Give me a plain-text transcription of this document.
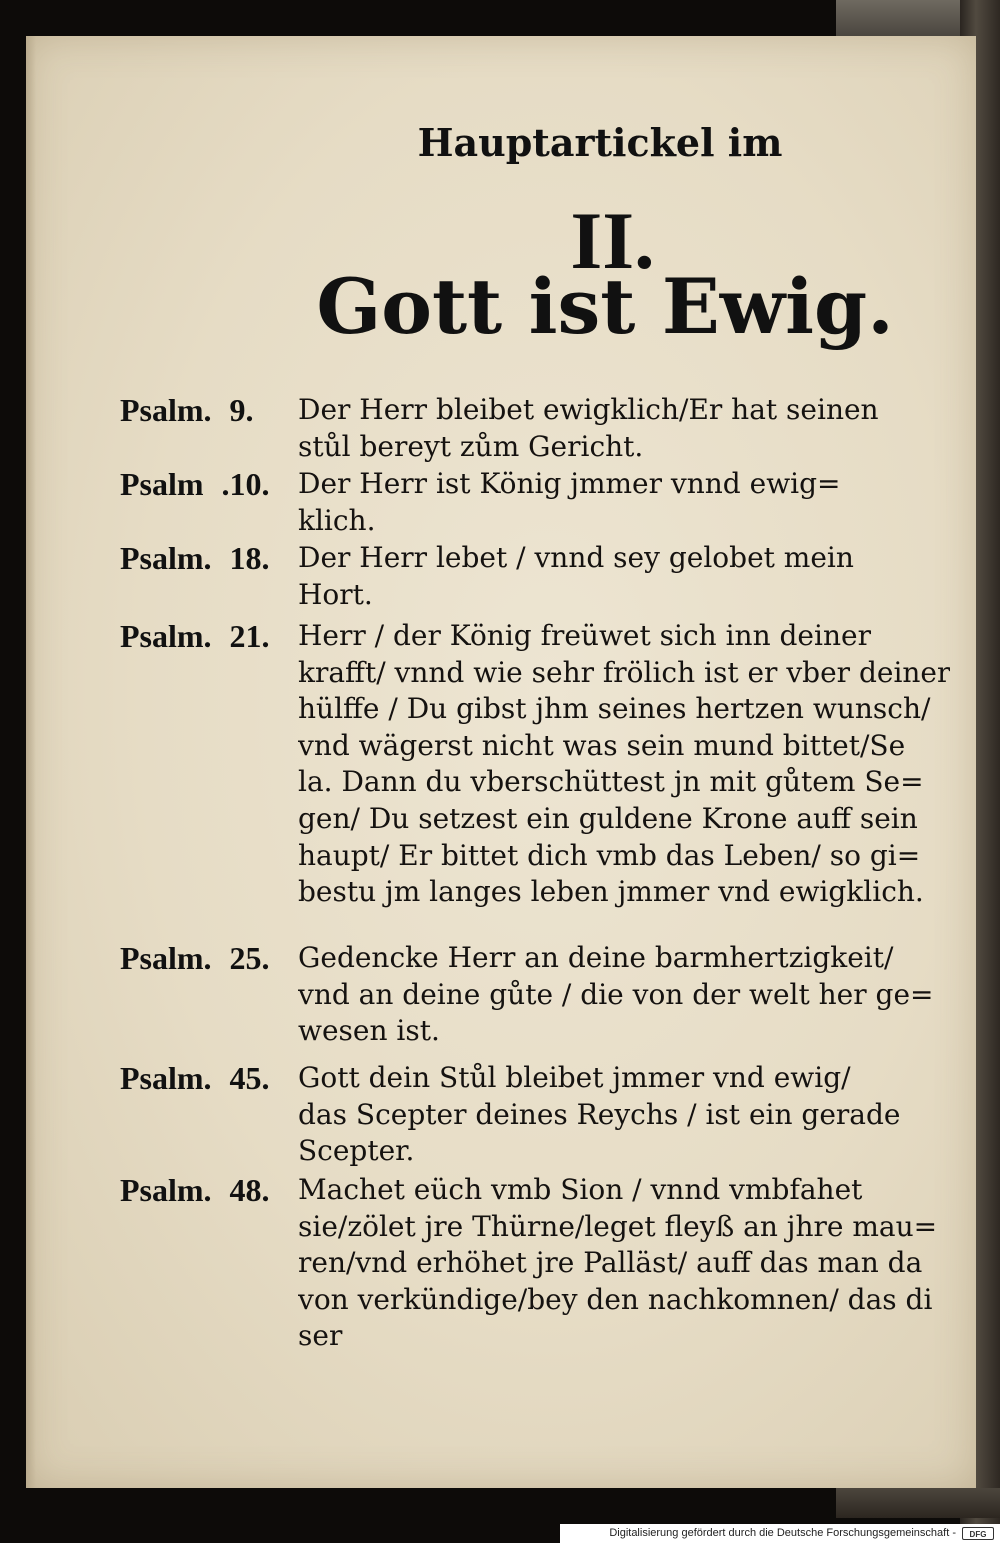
Hauptartickel im
II.
Gott ist Ewig.
Psalm. 9. Der Herr bleibet ewigklich/Er hat seinen
stůl bereyt zům Gericht.
Psalm .10. Der Herr ist König jmmer vnnd ewig=
klich.
Psalm. 18. Der Herr lebet / vnnd sey gelobet mein
Hort.
Psalm. 21. Herr / der König freüwet sich inn deiner
krafft/ vnnd wie sehr frölich ist er vber deiner
hülffe / Du gibst jhm seines hertzen wunsch/
vnd wägerst nicht was sein mund bittet/Se
la. Dann du vberschüttest jn mit gůtem Se=
gen/ Du setzest ein guldene Krone auff sein
haupt/ Er bittet dich vmb das Leben/ so gi=
bestu jm langes leben jmmer vnd ewigklich.
Psalm. 25. Gedencke Herr an deine barmhertzigkeit/
vnd an deine gůte / die von der welt her ge=
wesen ist.
Psalm. 45. Gott dein Stůl bleibet jmmer vnd ewig/
das Scepter deines Reychs / ist ein gerade
Scepter.
Psalm. 48. Machet eüch vmb Sion / vnnd vmbfahet
sie/zölet jre Thürne/leget fleyß an jhre mau=
ren/vnd erhöhet jre Palläst/ auff das man da
von verkündige/bey den nachkomnen/ das di
ser
Digitalisierung gefördert durch die Deutsche Forschungsgemeinschaft -	DFG
